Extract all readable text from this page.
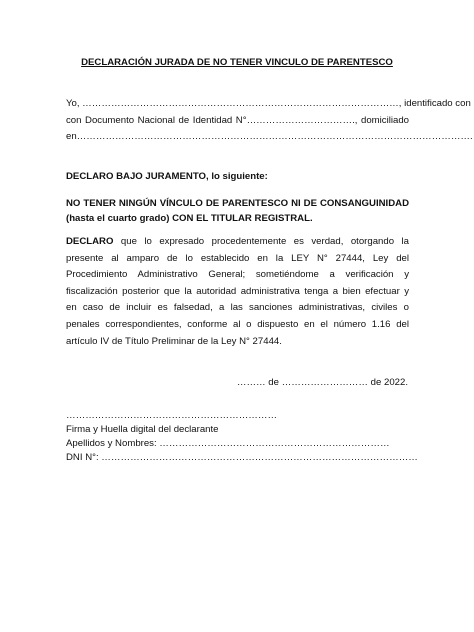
DECLARACIÓN JURADA DE NO TENER VINCULO DE PARENTESCO

Yo, ………………………………………………………………………………………, identificado con
con Documento Nacional de Identidad N°……………………………., domiciliado
en…………………………………………………………………………………………………………….

DECLARO BAJO JURAMENTO, lo siguiente:

NO TENER NINGÚN VÍNCULO DE PARENTESCO NI DE CONSANGUINIDAD
(hasta el cuarto grado) CON EL TITULAR REGISTRAL.
DECLARO que lo expresado procedentemente es verdad, otorgando la
presente al amparo de lo establecido en la LEY N° 27444, Ley del
Procedimiento Administrativo General; sometiéndome a verificación y
fiscalización posterior que la autoridad administrativa tenga a bien efectuar y
en caso de incluir es falsedad, a las sanciones administrativas, civiles o
penales correspondientes, conforme al o dispuesto en el número 1.16 del
artículo IV de Título Preliminar de la Ley N° 27444.

……… de ……………………… de 2022.

…………………………………………………………

Firma y Huella digital del declarante

Apellidos y Nombres: ………………………………………………………………

DNI N°: ………………………………………………………………………………………
